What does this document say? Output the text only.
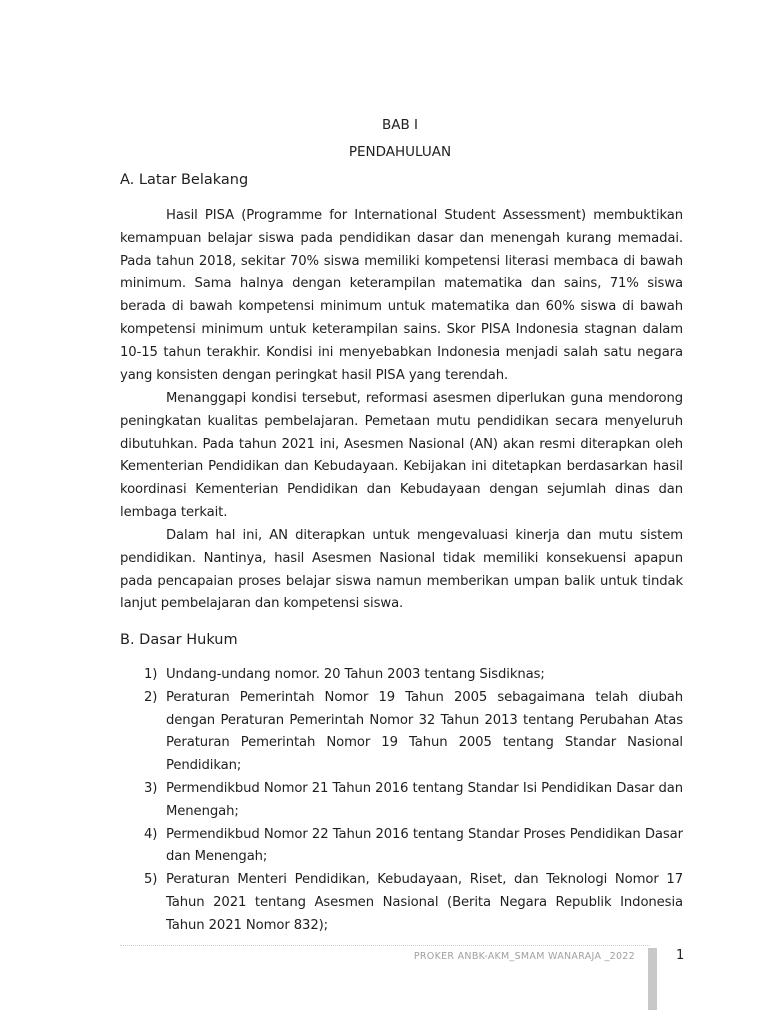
BAB I
PENDAHULUAN
A. Latar Belakang

Hasil PISA (Programme for International Student Assessment) membuktikan kemampuan belajar siswa pada pendidikan dasar dan menengah kurang memadai. Pada tahun 2018, sekitar 70% siswa memiliki kompetensi literasi membaca di bawah minimum. Sama halnya dengan keterampilan matematika dan sains, 71% siswa berada di bawah kompetensi minimum untuk matematika dan 60% siswa di bawah kompetensi minimum untuk keterampilan sains. Skor PISA Indonesia stagnan dalam 10-15 tahun terakhir. Kondisi ini menyebabkan Indonesia menjadi salah satu negara yang konsisten dengan peringkat hasil PISA yang terendah.

Menanggapi kondisi tersebut, reformasi asesmen diperlukan guna mendorong peningkatan kualitas pembelajaran. Pemetaan mutu pendidikan secara menyeluruh dibutuhkan. Pada tahun 2021 ini, Asesmen Nasional (AN) akan resmi diterapkan oleh Kementerian Pendidikan dan Kebudayaan. Kebijakan ini ditetapkan berdasarkan hasil koordinasi Kementerian Pendidikan dan Kebudayaan dengan sejumlah dinas dan lembaga terkait.

Dalam hal ini, AN diterapkan untuk mengevaluasi kinerja dan mutu sistem pendidikan. Nantinya, hasil Asesmen Nasional tidak memiliki konsekuensi apapun pada pencapaian proses belajar siswa namun memberikan umpan balik untuk tindak lanjut pembelajaran dan kompetensi siswa.

B. Dasar Hukum
1) Undang-undang nomor. 20 Tahun 2003 tentang Sisdiknas;
2) Peraturan Pemerintah Nomor 19 Tahun 2005 sebagaimana telah diubah dengan Peraturan Pemerintah Nomor 32 Tahun 2013 tentang Perubahan Atas Peraturan Pemerintah Nomor 19 Tahun 2005 tentang Standar Nasional Pendidikan;
3) Permendikbud Nomor 21 Tahun 2016 tentang Standar Isi Pendidikan Dasar dan Menengah;
4) Permendikbud Nomor 22 Tahun 2016 tentang Standar Proses Pendidikan Dasar dan Menengah;
5) Peraturan Menteri Pendidikan, Kebudayaan, Riset, dan Teknologi Nomor 17 Tahun 2021 tentang Asesmen Nasional (Berita Negara Republik Indonesia Tahun 2021 Nomor 832);
PROKER ANBK-AKM_SMAM WANARAJA _2022	1
